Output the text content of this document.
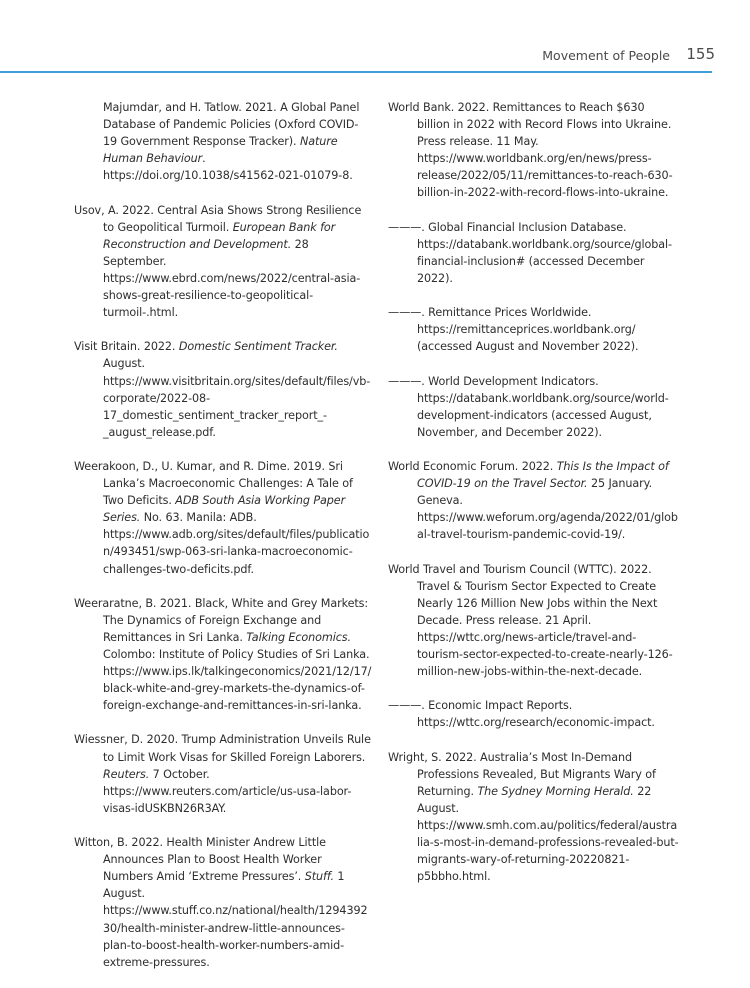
Movement of People 155

Majumdar, and H. Tatlow. 2021. A Global Panel Database of Pandemic Policies (Oxford COVID-19 Government Response Tracker). Nature Human Behaviour. https://doi.org/10.1038/s41562-021-01079-8.

Usov, A. 2022. Central Asia Shows Strong Resilience to Geopolitical Turmoil. European Bank for Reconstruction and Development. 28 September. https://www.ebrd.com/news/2022/central-asia-shows-great-resilience-to-geopolitical-turmoil-.html.

Visit Britain. 2022. Domestic Sentiment Tracker. August. https://www.visitbritain.org/sites/default/files/vb-corporate/2022-08-17_domestic_sentiment_tracker_report_-_august_release.pdf.

Weerakoon, D., U. Kumar, and R. Dime. 2019. Sri Lanka’s Macroeconomic Challenges: A Tale of Two Deficits. ADB South Asia Working Paper Series. No. 63. Manila: ADB. https://www.adb.org/sites/default/files/publication/493451/swp-063-sri-lanka-macroeconomic-challenges-two-deficits.pdf.

Weeraratne, B. 2021. Black, White and Grey Markets: The Dynamics of Foreign Exchange and Remittances in Sri Lanka. Talking Economics. Colombo: Institute of Policy Studies of Sri Lanka. https://www.ips.lk/talkingeconomics/2021/12/17/black-white-and-grey-markets-the-dynamics-of-foreign-exchange-and-remittances-in-sri-lanka.

Wiessner, D. 2020. Trump Administration Unveils Rule to Limit Work Visas for Skilled Foreign Laborers. Reuters. 7 October. https://www.reuters.com/article/us-usa-labor-visas-idUSKBN26R3AY.

Witton, B. 2022. Health Minister Andrew Little Announces Plan to Boost Health Worker Numbers Amid ‘Extreme Pressures’. Stuff. 1 August. https://www.stuff.co.nz/national/health/129439230/health-minister-andrew-little-announces-plan-to-boost-health-worker-numbers-amid-extreme-pressures.

World Bank. 2022. Remittances to Reach $630 billion in 2022 with Record Flows into Ukraine. Press release. 11 May. https://www.worldbank.org/en/news/press-release/2022/05/11/remittances-to-reach-630-billion-in-2022-with-record-flows-into-ukraine.

———. Global Financial Inclusion Database. https://databank.worldbank.org/source/global-financial-inclusion# (accessed December 2022).

———. Remittance Prices Worldwide. https://remittanceprices.worldbank.org/ (accessed August and November 2022).

———. World Development Indicators. https://databank.worldbank.org/source/world-development-indicators (accessed August, November, and December 2022).

World Economic Forum. 2022. This Is the Impact of COVID-19 on the Travel Sector. 25 January. Geneva. https://www.weforum.org/agenda/2022/01/global-travel-tourism-pandemic-covid-19/.

World Travel and Tourism Council (WTTC). 2022. Travel & Tourism Sector Expected to Create Nearly 126 Million New Jobs within the Next Decade. Press release. 21 April. https://wttc.org/news-article/travel-and-tourism-sector-expected-to-create-nearly-126-million-new-jobs-within-the-next-decade.

———. Economic Impact Reports. https://wttc.org/research/economic-impact.

Wright, S. 2022. Australia’s Most In-Demand Professions Revealed, But Migrants Wary of Returning. The Sydney Morning Herald. 22 August. https://www.smh.com.au/politics/federal/australia-s-most-in-demand-professions-revealed-but-migrants-wary-of-returning-20220821-p5bbho.html.
